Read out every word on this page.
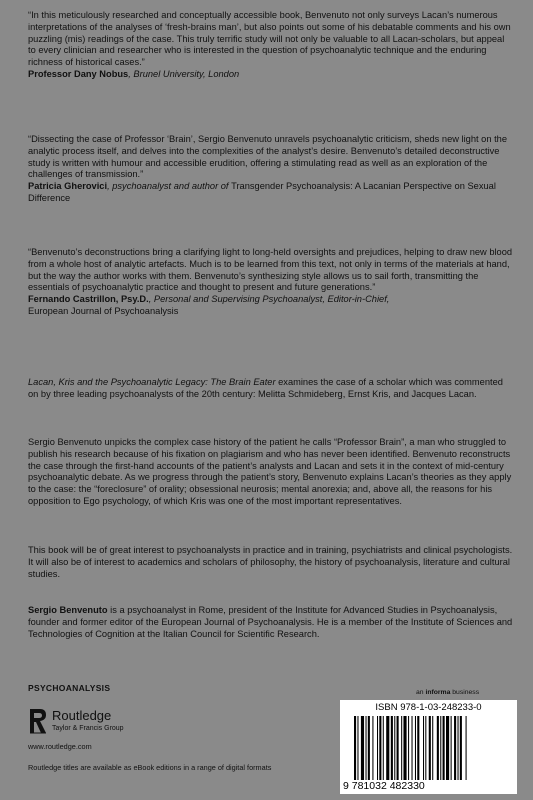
“In this meticulously researched and conceptually accessible book, Benvenuto not only surveys Lacan’s numerous interpretations of the analyses of ‘fresh-brains man’, but also points out some of his debatable comments and his own puzzling (mis) readings of the case. This truly terrific study will not only be valuable to all Lacan-scholars, but appeal to every clinician and researcher who is interested in the question of psychoanalytic technique and the enduring richness of historical cases.”
Professor Dany Nobus, Brunel University, London
“Dissecting the case of Professor ‘Brain’, Sergio Benvenuto unravels psychoanalytic criticism, sheds new light on the analytic process itself, and delves into the complexities of the analyst’s desire. Benvenuto’s detailed deconstructive study is written with humour and accessible erudition, offering a stimulating read as well as an exploration of the challenges of transmission.”
Patricia Gherovici, psychoanalyst and author of Transgender Psychoanalysis: A Lacanian Perspective on Sexual Difference
“Benvenuto’s deconstructions bring a clarifying light to long-held oversights and prejudices, helping to draw new blood from a whole host of analytic artefacts. Much is to be learned from this text, not only in terms of the materials at hand, but the way the author works with them. Benvenuto’s synthesizing style allows us to sail forth, transmitting the essentials of psychoanalytic practice and thought to present and future generations.”
Fernando Castrillon, Psy.D., Personal and Supervising Psychoanalyst, Editor-in-Chief,
European Journal of Psychoanalysis
Lacan, Kris and the Psychoanalytic Legacy: The Brain Eater examines the case of a scholar which was commented on by three leading psychoanalysts of the 20th century: Melitta Schmideberg, Ernst Kris, and Jacques Lacan.
Sergio Benvenuto unpicks the complex case history of the patient he calls “Professor Brain”, a man who struggled to publish his research because of his fixation on plagiarism and who has never been identified. Benvenuto reconstructs the case through the first-hand accounts of the patient’s analysts and Lacan and sets it in the context of mid-century psychoanalytic debate. As we progress through the patient’s story, Benvenuto explains Lacan’s theories as they apply to the case: the “foreclosure” of orality; obsessional neurosis; mental anorexia; and, above all, the reasons for his opposition to Ego psychology, of which Kris was one of the most important representatives.
This book will be of great interest to psychoanalysts in practice and in training, psychiatrists and clinical psychologists. It will also be of interest to academics and scholars of philosophy, the history of psychoanalysis, literature and cultural studies.
Sergio Benvenuto is a psychoanalyst in Rome, president of the Institute for Advanced Studies in Psychoanalysis, founder and former editor of the European Journal of Psychoanalysis. He is a member of the Institute of Sciences and Technologies of Cognition at the Italian Council for Scientific Research.
PSYCHOANALYSIS
Routledge
Taylor & Francis Group
www.routledge.com
Routledge titles are available as eBook editions in a range of digital formats
an informa business
ISBN 978-1-03-248233-0
9 781032 482330
